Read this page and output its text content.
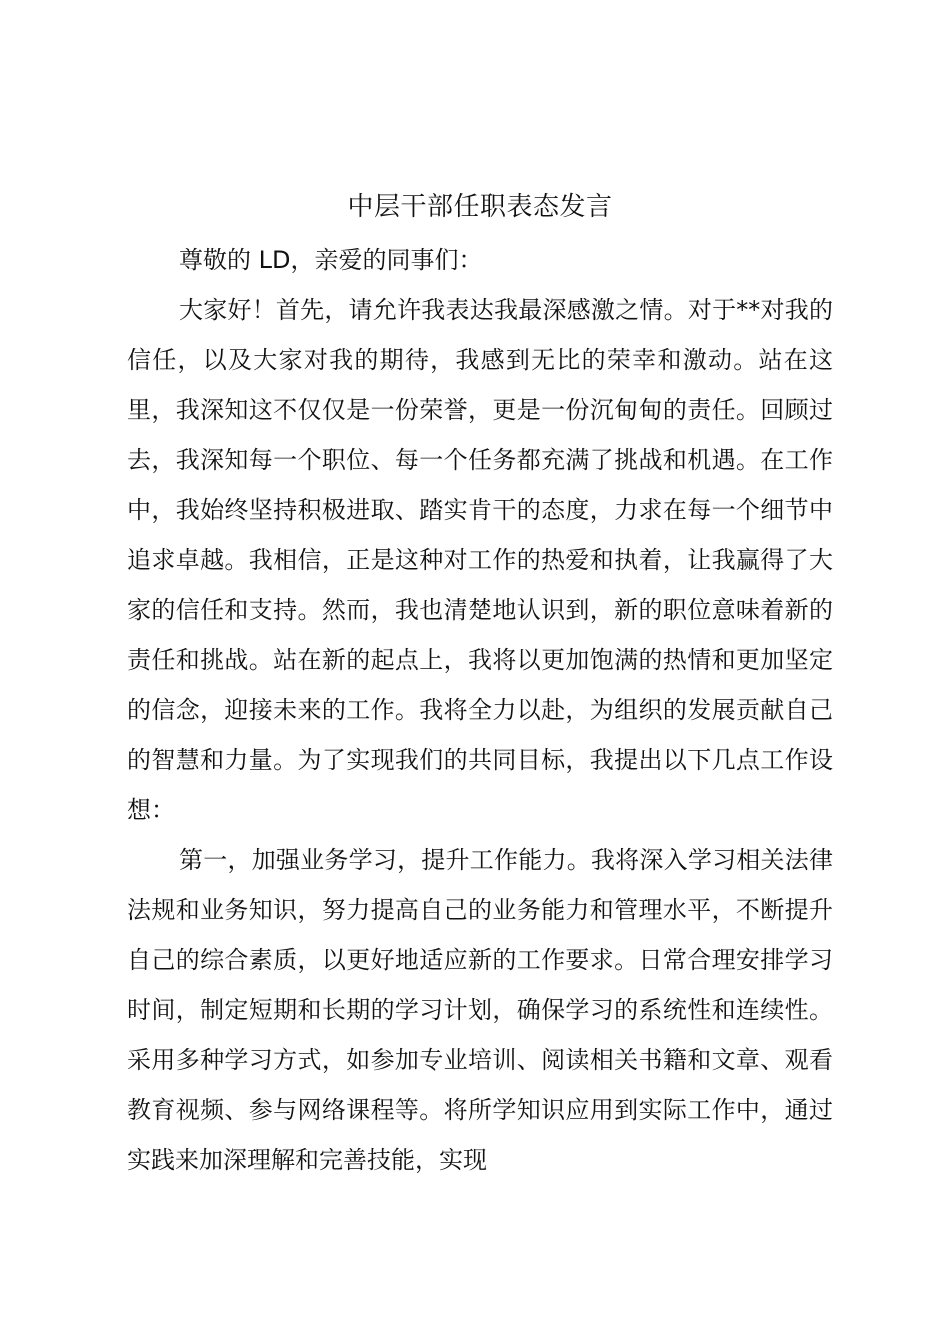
中层干部任职表态发言

尊敬的 LD，亲爱的同事们：

大家好！首先，请允许我表达我最深感激之情。对于**对我的信任，以及大家对我的期待，我感到无比的荣幸和激动。站在这里，我深知这不仅仅是一份荣誉，更是一份沉甸甸的责任。回顾过去，我深知每一个职位、每一个任务都充满了挑战和机遇。在工作中，我始终坚持积极进取、踏实肯干的态度，力求在每一个细节中追求卓越。我相信，正是这种对工作的热爱和执着，让我赢得了大家的信任和支持。然而，我也清楚地认识到，新的职位意味着新的责任和挑战。站在新的起点上，我将以更加饱满的热情和更加坚定的信念，迎接未来的工作。我将全力以赴，为组织的发展贡献自己的智慧和力量。为了实现我们的共同目标，我提出以下几点工作设想：

第一，加强业务学习，提升工作能力。我将深入学习相关法律法规和业务知识，努力提高自己的业务能力和管理水平，不断提升自己的综合素质，以更好地适应新的工作要求。日常合理安排学习时间，制定短期和长期的学习计划，确保学习的系统性和连续性。采用多种学习方式，如参加专业培训、阅读相关书籍和文章、观看教育视频、参与网络课程等。将所学知识应用到实际工作中，通过实践来加深理解和完善技能，实现
